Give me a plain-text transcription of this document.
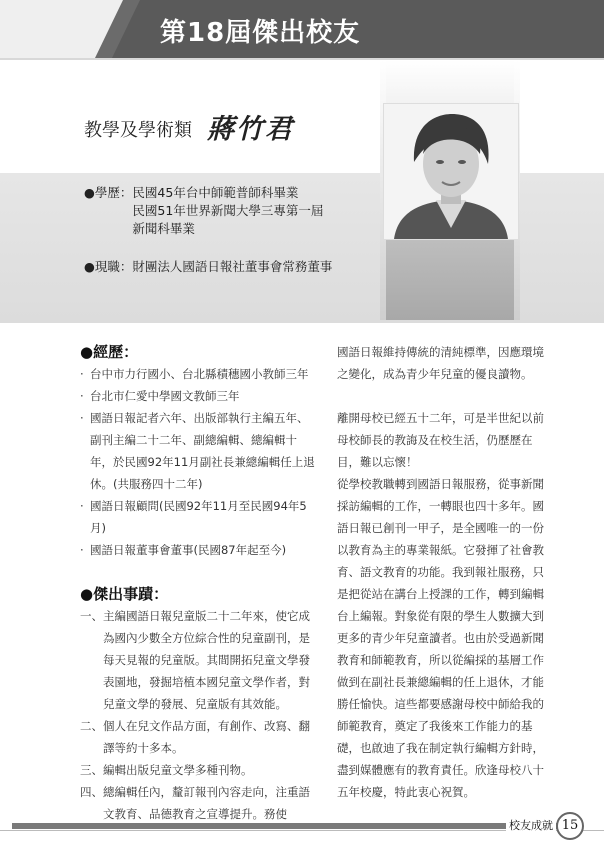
第18屆傑出校友
教學及學術類 蔣竹君
●學歷： 民國45年台中師範普師科畢業
民國51年世界新聞大學三專第一屆
新聞科畢業
●現職： 財團法人國語日報社董事會常務董事
●經歷：
· 台中市力行國小、台北縣積穗國小教師三年
· 台北市仁愛中學國文教師三年
· 國語日報記者六年、出版部執行主編五年、副刊主編二十二年、副總編輯、總編輯十年，於民國92年11月副社長兼總編輯任上退休。(共服務四十二年)
· 國語日報顧問(民國92年11月至民國94年5月)
· 國語日報董事會董事(民國87年起至今)
●傑出事蹟：
一、 主編國語日報兒童版二十二年來，使它成為國內少數全方位綜合性的兒童副刊，是每天見報的兒童版。其間開拓兒童文學發表園地，發掘培植本國兒童文學作者，對兒童文學的發展、兒童版有其效能。
二、 個人在兒文作品方面，有創作、改寫、翻譯等約十多本。
三、 編輯出版兒童文學多種刊物。
四、 總編輯任內，釐訂報刊內容走向，注重語文教育、品德教育之宣導提升。務使

國語日報維持傳統的清純標準，因應環境之變化，成為青少年兒童的優良讀物。

離開母校已經五十二年，可是半世紀以前母校師長的教誨及在校生活，仍歷歷在目，難以忘懷！

從學校教職轉到國語日報服務，從事新聞採訪編輯的工作，一轉眼也四十多年。國語日報已創刊一甲子，是全國唯一的一份以教育為主的專業報紙。它發揮了社會教育、語文教育的功能。我到報社服務，只是把從站在講台上授課的工作，轉到編輯台上編報。對象從有限的學生人數擴大到更多的青少年兒童讀者。也由於受過新聞教育和師範教育，所以從編採的基層工作做到在副社長兼總編輯的任上退休，才能勝任愉快。這些都要感謝母校中師給我的師範教育，奠定了我後來工作能力的基礎，也啟迪了我在制定執行編輯方針時，盡到媒體應有的教育責任。欣逢母校八十五年校慶，特此衷心祝賀。

校友成就 15
